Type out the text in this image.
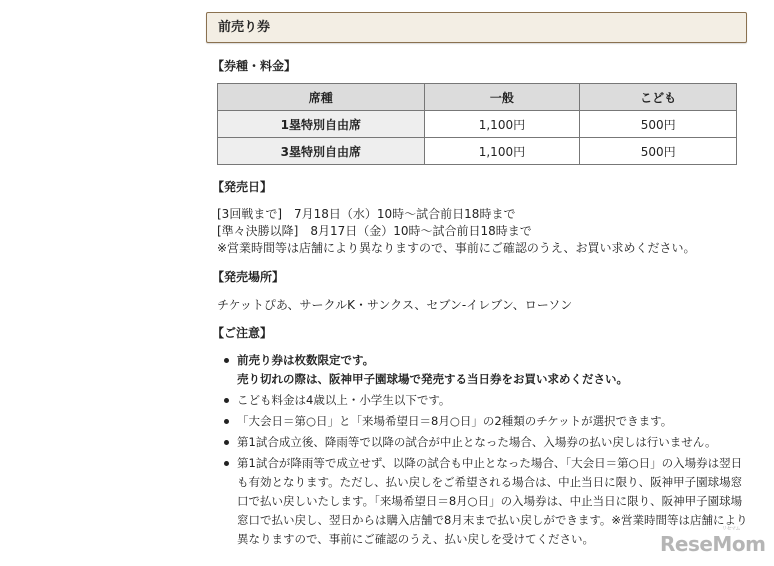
前売り券
【券種・料金】
席種	一般	こども
1塁特別自由席	1,100円	500円
3塁特別自由席	1,100円	500円
【発売日】
[3回戦まで]　7月18日（水）10時〜試合前日18時まで
[準々決勝以降]　8月17日（金）10時〜試合前日18時まで
※営業時間等は店舗により異なりますので、事前にご確認のうえ、お買い求めください。
【発売場所】
チケットぴあ、サークルK・サンクス、セブン-イレブン、ローソン
【ご注意】
前売り券は枚数限定です。
売り切れの際は、阪神甲子園球場で発売する当日券をお買い求めください。
こども料金は4歳以上・小学生以下です。
「大会日＝第○日」と「来場希望日＝8月○日」の2種類のチケットが選択できます。
第1試合成立後、降雨等で以降の試合が中止となった場合、入場券の払い戻しは行いません。
第1試合が降雨等で成立せず、以降の試合も中止となった場合、「大会日＝第○日」の入場券は翌日も有効となります。ただし、払い戻しをご希望される場合は、中止当日に限り、阪神甲子園球場窓口で払い戻しいたします。「来場希望日＝8月○日」の入場券は、中止当日に限り、阪神甲子園球場窓口で払い戻し、翌日からは購入店舗で8月末まで払い戻しができます。※営業時間等は店舗により異なりますので、事前にご確認のうえ、払い戻しを受けてください。	ReseMom
リセマム
